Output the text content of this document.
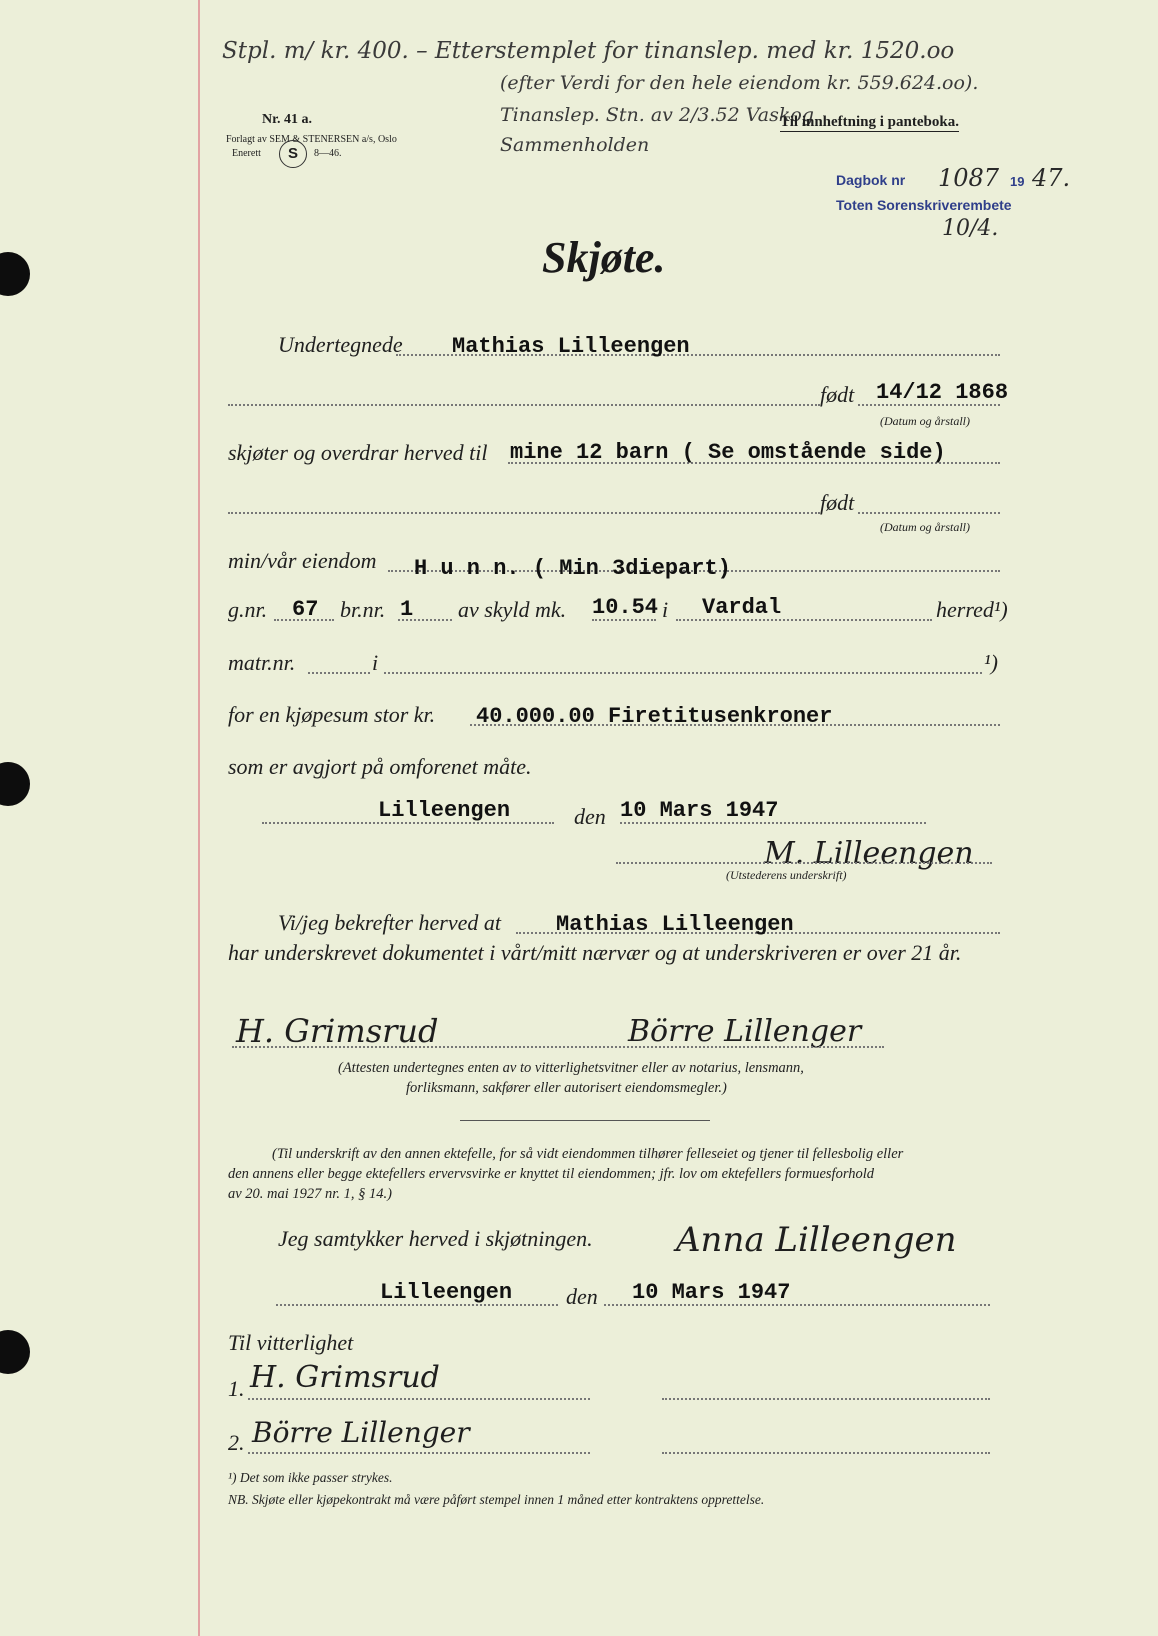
Stpl. m/ kr. 400. – Etterstemplet for tinanslep. med kr. 1520.oo
(efter Verdi for den hele eiendom kr. 559.624.oo).
Tinanslep. Stn. av 2/3.52 Vaskog
Sammenholden
Nr. 41 a.
Forlagt av SEM & STENERSEN a/s, Oslo
Enerett	S	8—46.
Til innheftning i panteboka.
Dagbok nr 1087 19 47.
Toten Sorenskriverembete
10/4.
Skjøte.
Undertegnede Mathias Lilleengen
født 14/12 1868
(Datum og årstall)
skjøter og overdrar herved til mine 12 barn ( Se omstående side)
født
(Datum og årstall)
min/vår eiendom H u n n. ( Min 3diepart)
g.nr. 67 br.nr. 1 av skyld mk. 10.54 i Vardal	herred¹)
matr.nr.	i	¹)
for en kjøpesum stor kr. 40.000.00 Firetitusenkroner
som er avgjort på omforenet måte.
Lilleengen	den 10 Mars 1947
M. Lilleengen
(Utstederens underskrift)
Vi/jeg bekrefter herved at	Mathias Lilleengen
har underskrevet dokumentet i vårt/mitt nærvær og at underskriveren er over 21 år.
H. Grimsrud	Börre Lillenger
(Attesten undertegnes enten av to vitterlighetsvitner eller av notarius, lensmann,
forliksmann, sakfører eller autorisert eiendomsmegler.)
(Til underskrift av den annen ektefelle, for så vidt eiendommen tilhører felleseiet og tjener til fellesbolig eller
den annens eller begge ektefellers ervervsvirke er knyttet til eiendommen; jfr. lov om ektefellers formuesforhold
av 20. mai 1927 nr. 1, § 14.)
Jeg samtykker herved i skjøtningen. Anna Lilleengen
Lilleengen den 10 Mars 1947
Til vitterlighet
1. H. Grimsrud
2. Börre Lillenger
¹) Det som ikke passer strykes.
NB. Skjøte eller kjøpekontrakt må være påført stempel innen 1 måned etter kontraktens opprettelse.
